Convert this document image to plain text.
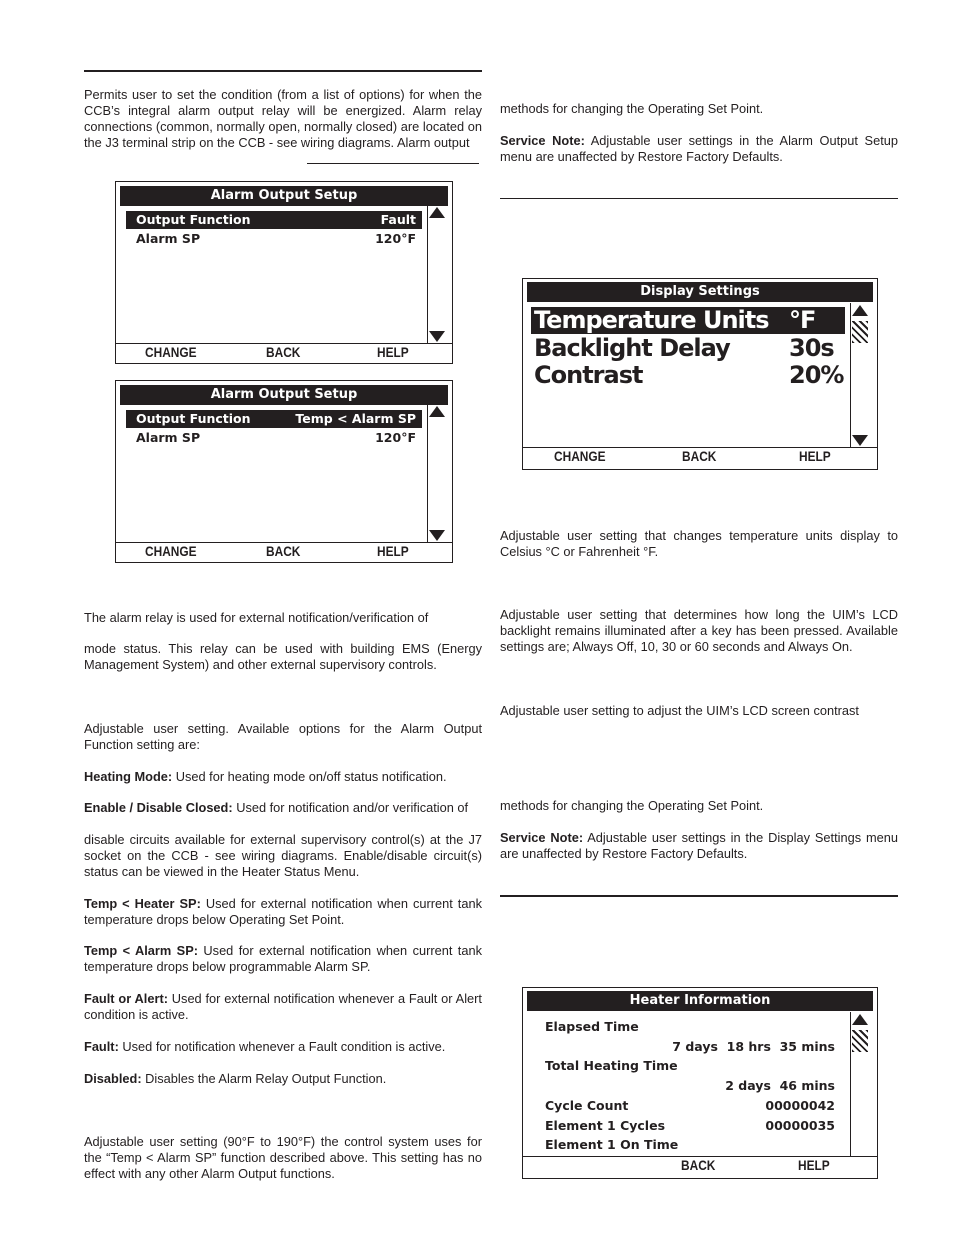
Permits user to set the condition (from a list of options) for when the CCB’s integral alarm output relay will be energized. Alarm relay connections (common, normally open, normally closed) are located on the J3 terminal strip on the CCB - see wiring diagrams. Alarm output

Alarm Output Setup
Output Function	Fault
Alarm SP	120°F
CHANGE	BACK	HELP
Alarm Output Setup
Output Function	Temp < Alarm SP
Alarm SP	120°F
CHANGE	BACK	HELP

The alarm relay is used for external notification/verification of

mode status. This relay can be used with building EMS (Energy Management System) and other external supervisory controls.

Adjustable user setting. Available options for the Alarm Output Function setting are:

Heating Mode: Used for heating mode on/off status notification.

Enable / Disable Closed: Used for notification and/or verification of

disable circuits available for external supervisory control(s) at the J7 socket on the CCB - see wiring diagrams. Enable/disable circuit(s) status can be viewed in the Heater Status Menu.

Temp < Heater SP: Used for external notification when current tank temperature drops below Operating Set Point.

Temp < Alarm SP: Used for external notification when current tank temperature drops below programmable Alarm SP.

Fault or Alert: Used for external notification whenever a Fault or Alert condition is active.

Fault: Used for notification whenever a Fault condition is active.

Disabled: Disables the Alarm Relay Output Function.

Adjustable user setting (90°F to 190°F) the control system uses for the “Temp < Alarm SP” function described above. This setting has no effect with any other Alarm Output functions.

methods for changing the Operating Set Point.

Service Note: Adjustable user settings in the Alarm Output Setup menu are unaffected by Restore Factory Defaults.

Display Settings
Temperature Units °F
Backlight Delay 30s
Contrast	20%
CHANGE	BACK	HELP

Adjustable user setting that changes temperature units display to Celsius °C or Fahrenheit °F.

Adjustable user setting that determines how long the UIM’s LCD backlight remains illuminated after a key has been pressed. Available settings are; Always Off, 10, 30 or 60 seconds and Always On.

Adjustable user setting to adjust the UIM’s LCD screen contrast

methods for changing the Operating Set Point.

Service Note: Adjustable user settings in the Display Settings menu are unaffected by Restore Factory Defaults.

Heater Information
Elapsed Time
7 days  18 hrs  35 mins
Total Heating Time
2 days  46 mins
Cycle Count	00000042
Element 1 Cycles	00000035
Element 1 On Time
BACK	HELP
